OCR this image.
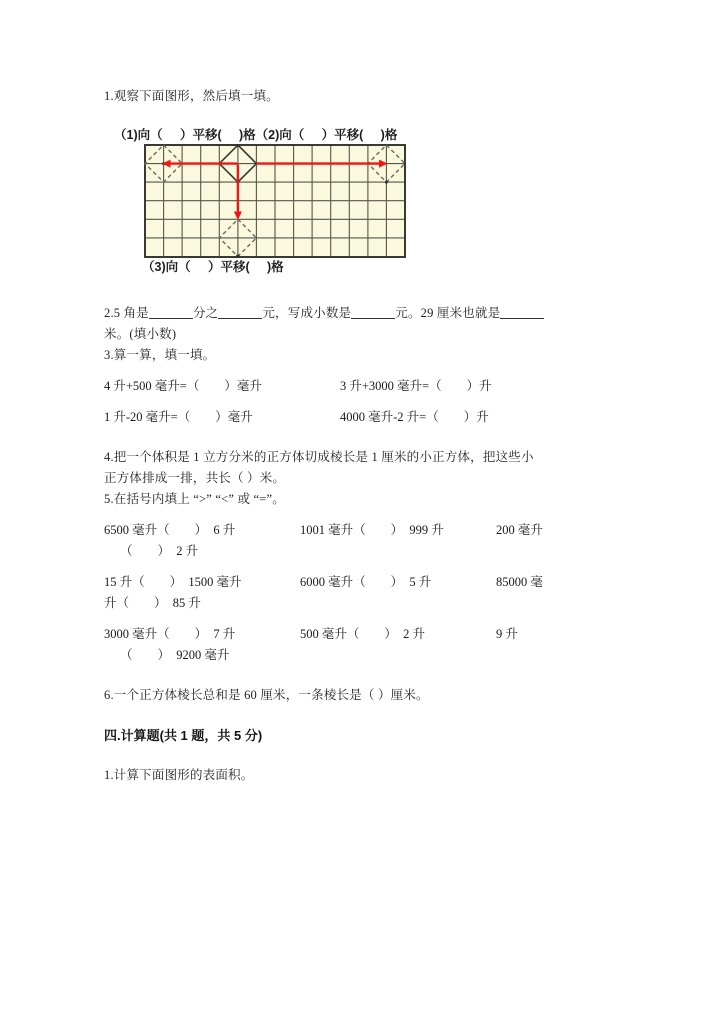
1.观察下面图形，然后填一填。
（1)向（     ）平移(     )格（2)向（     ）平移(     )格
（3)向（     ）平移(     )格
2.5 角是	分之	元，写成小数是	元。29 厘米也就是
米。(填小数)
3.算一算，填一填。
4 升+500 毫升=（        ）毫升	3 升+3000 毫升=（        ）升
1 升-20 毫升=（        ）毫升	4000 毫升-2 升=（        ）升
4.把一个体积是 1 立方分米的正方体切成棱长是 1 厘米的小正方体，把这些小
正方体排成一排，共长（ ）米。
5.在括号内填上 “>” “<” 或 “=”。
6500 毫升（        ）  6 升	1001 毫升（        ）  999 升	200 毫升
（        ）  2 升
15 升（        ）  1500 毫升	6000 毫升（        ）  5 升	85000 毫
升（        ）  85 升
3000 毫升（        ）  7 升	500 毫升（        ）  2 升	9 升
（        ）  9200 毫升
6.一个正方体棱长总和是 60 厘米，一条棱长是（ ）厘米。
四.计算题(共 1 题，共 5 分)
1.计算下面图形的表面积。
